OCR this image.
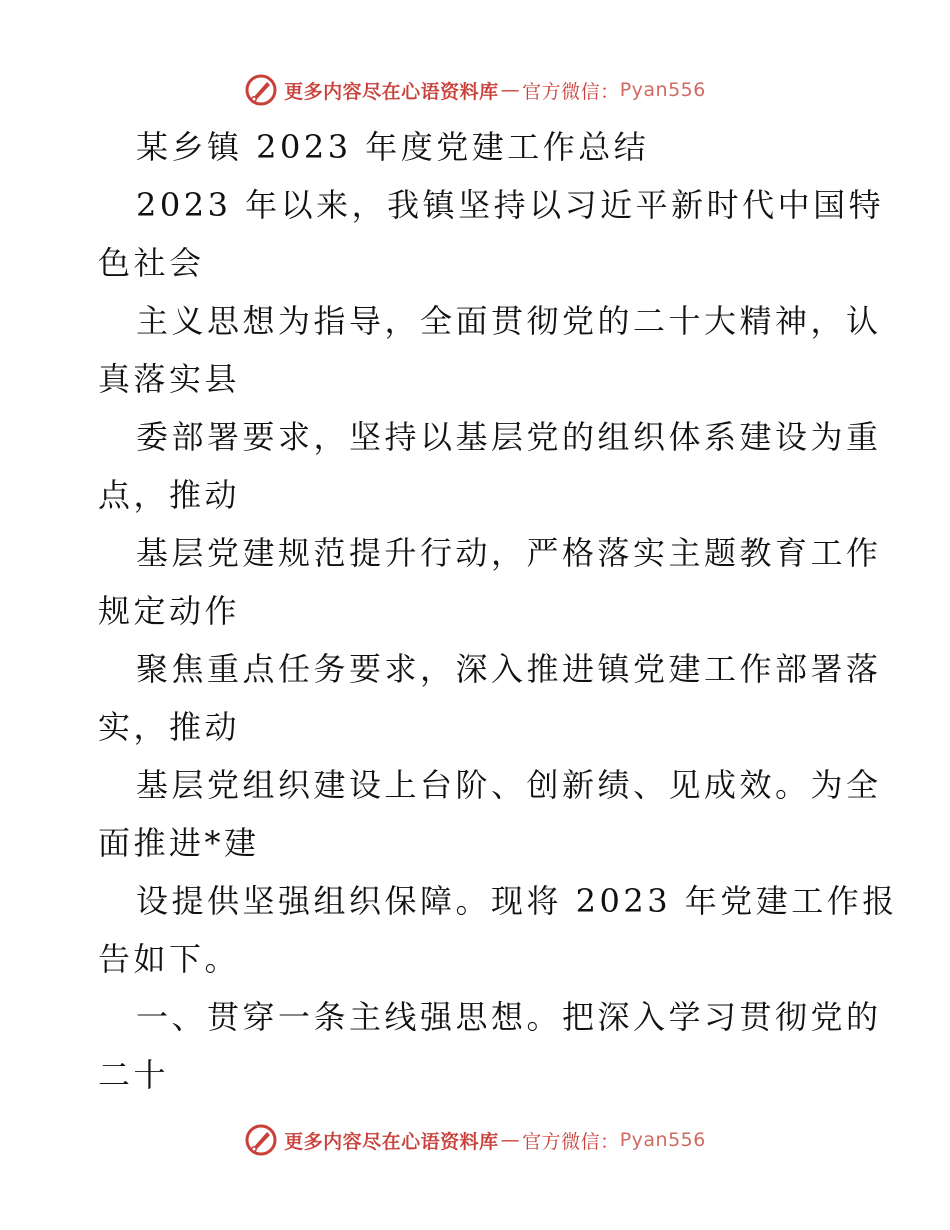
更多内容尽在心语资料库 — 官方微信： Pyan556

某乡镇 2023 年度党建工作总结

2023 年以来，我镇坚持以习近平新时代中国特

色社会

主义思想为指导，全面贯彻党的二十大精神，认

真落实县

委部署要求，坚持以基层党的组织体系建设为重

点，推动

基层党建规范提升行动，严格落实主题教育工作

规定动作

聚焦重点任务要求，深入推进镇党建工作部署落

实，推动

基层党组织建设上台阶、创新绩、见成效。为全

面推进*建

设提供坚强组织保障。现将 2023 年党建工作报

告如下。

一、贯穿一条主线强思想。把深入学习贯彻党的

二十

更多内容尽在心语资料库 — 官方微信： Pyan556
